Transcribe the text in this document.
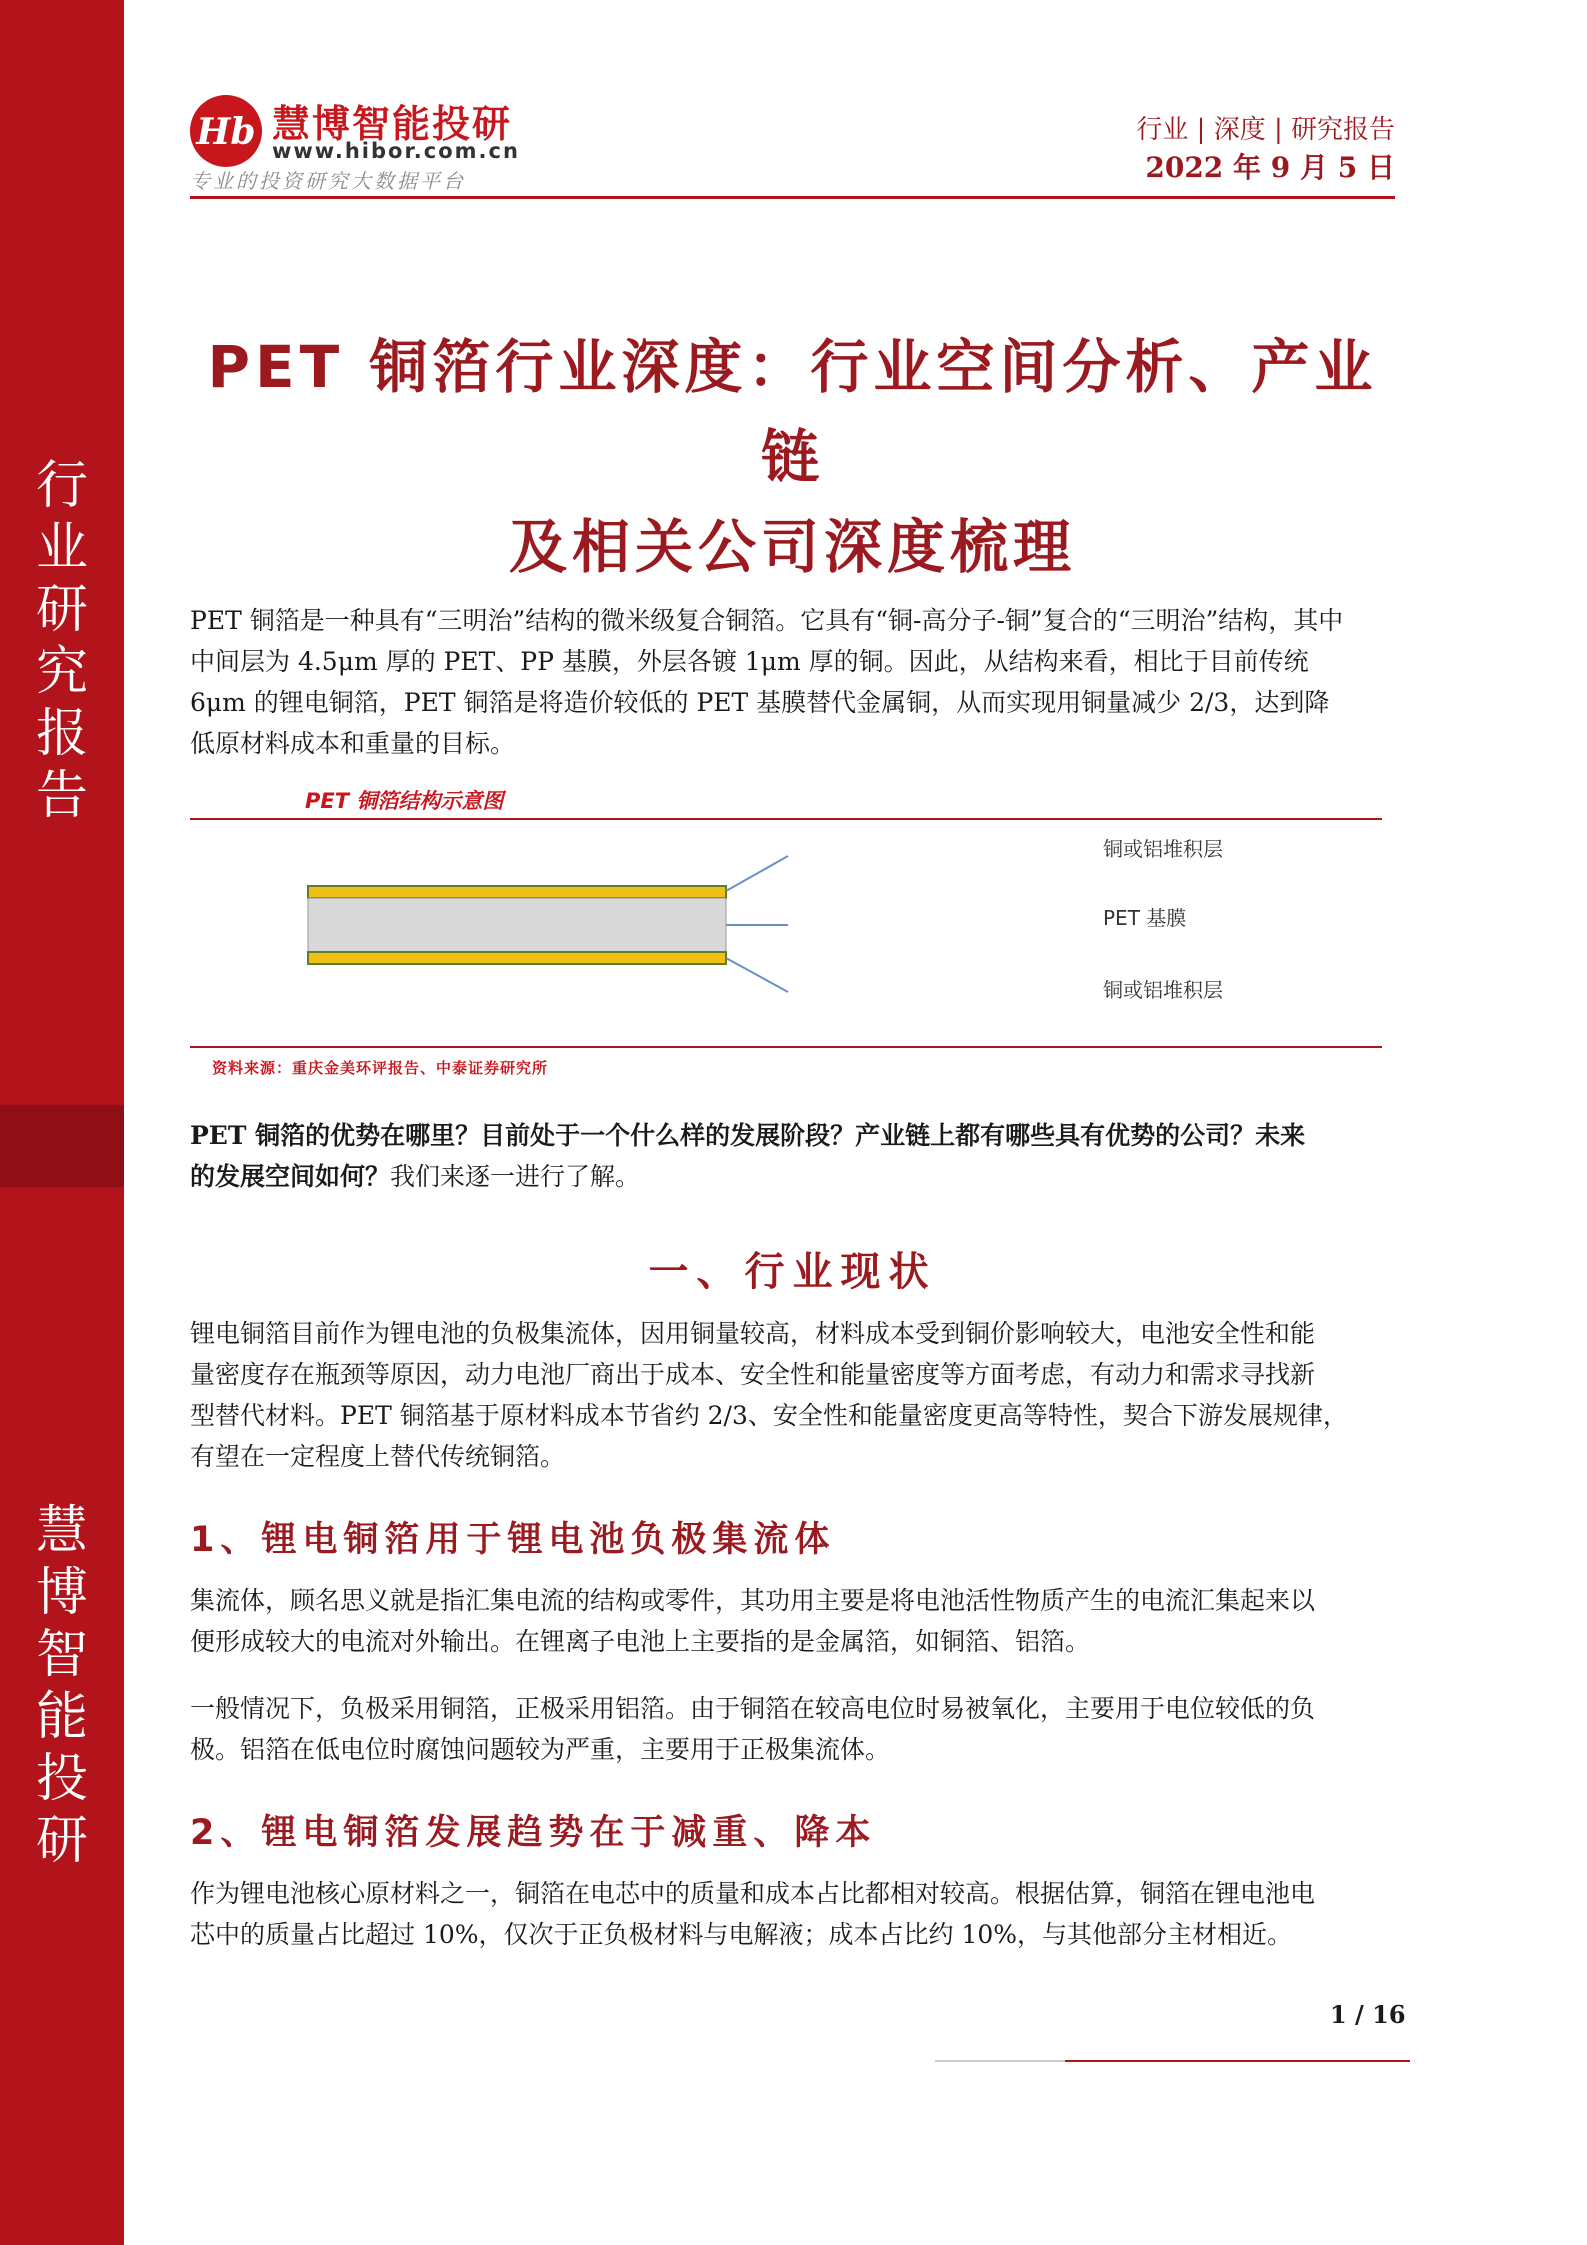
行
业
研
究
报
告
慧
博
智
能
投
研
Hb 慧博智能投研
www.hibor.com.cn
专业的投资研究大数据平台
行业 | 深度 | 研究报告
2022 年 9 月 5 日
PET 铜箔行业深度：行业空间分析、产业链
及相关公司深度梳理
PET 铜箔是一种具有“三明治”结构的微米级复合铜箔。它具有“铜-高分子-铜”复合的“三明治”结构，其中
中间层为 4.5μm 厚的 PET、PP 基膜，外层各镀 1μm 厚的铜。因此，从结构来看，相比于目前传统
6μm 的锂电铜箔，PET 铜箔是将造价较低的 PET 基膜替代金属铜，从而实现用铜量减少 2/3，达到降
低原材料成本和重量的目标。
PET 铜箔结构示意图
铜或铝堆积层
PET 基膜
铜或铝堆积层
资料来源：重庆金美环评报告、中泰证券研究所
PET 铜箔的优势在哪里？目前处于一个什么样的发展阶段？产业链上都有哪些具有优势的公司？未来
的发展空间如何？我们来逐一进行了解。
一、行业现状
锂电铜箔目前作为锂电池的负极集流体，因用铜量较高，材料成本受到铜价影响较大，电池安全性和能
量密度存在瓶颈等原因，动力电池厂商出于成本、安全性和能量密度等方面考虑，有动力和需求寻找新
型替代材料。PET 铜箔基于原材料成本节省约 2/3、安全性和能量密度更高等特性，契合下游发展规律，
有望在一定程度上替代传统铜箔。
1、锂电铜箔用于锂电池负极集流体
集流体，顾名思义就是指汇集电流的结构或零件，其功用主要是将电池活性物质产生的电流汇集起来以
便形成较大的电流对外输出。在锂离子电池上主要指的是金属箔，如铜箔、铝箔。
一般情况下，负极采用铜箔，正极采用铝箔。由于铜箔在较高电位时易被氧化，主要用于电位较低的负
极。铝箔在低电位时腐蚀问题较为严重，主要用于正极集流体。
2、锂电铜箔发展趋势在于减重、降本
作为锂电池核心原材料之一，铜箔在电芯中的质量和成本占比都相对较高。根据估算，铜箔在锂电池电
芯中的质量占比超过 10%，仅次于正负极材料与电解液；成本占比约 10%，与其他部分主材相近。
1 / 16
